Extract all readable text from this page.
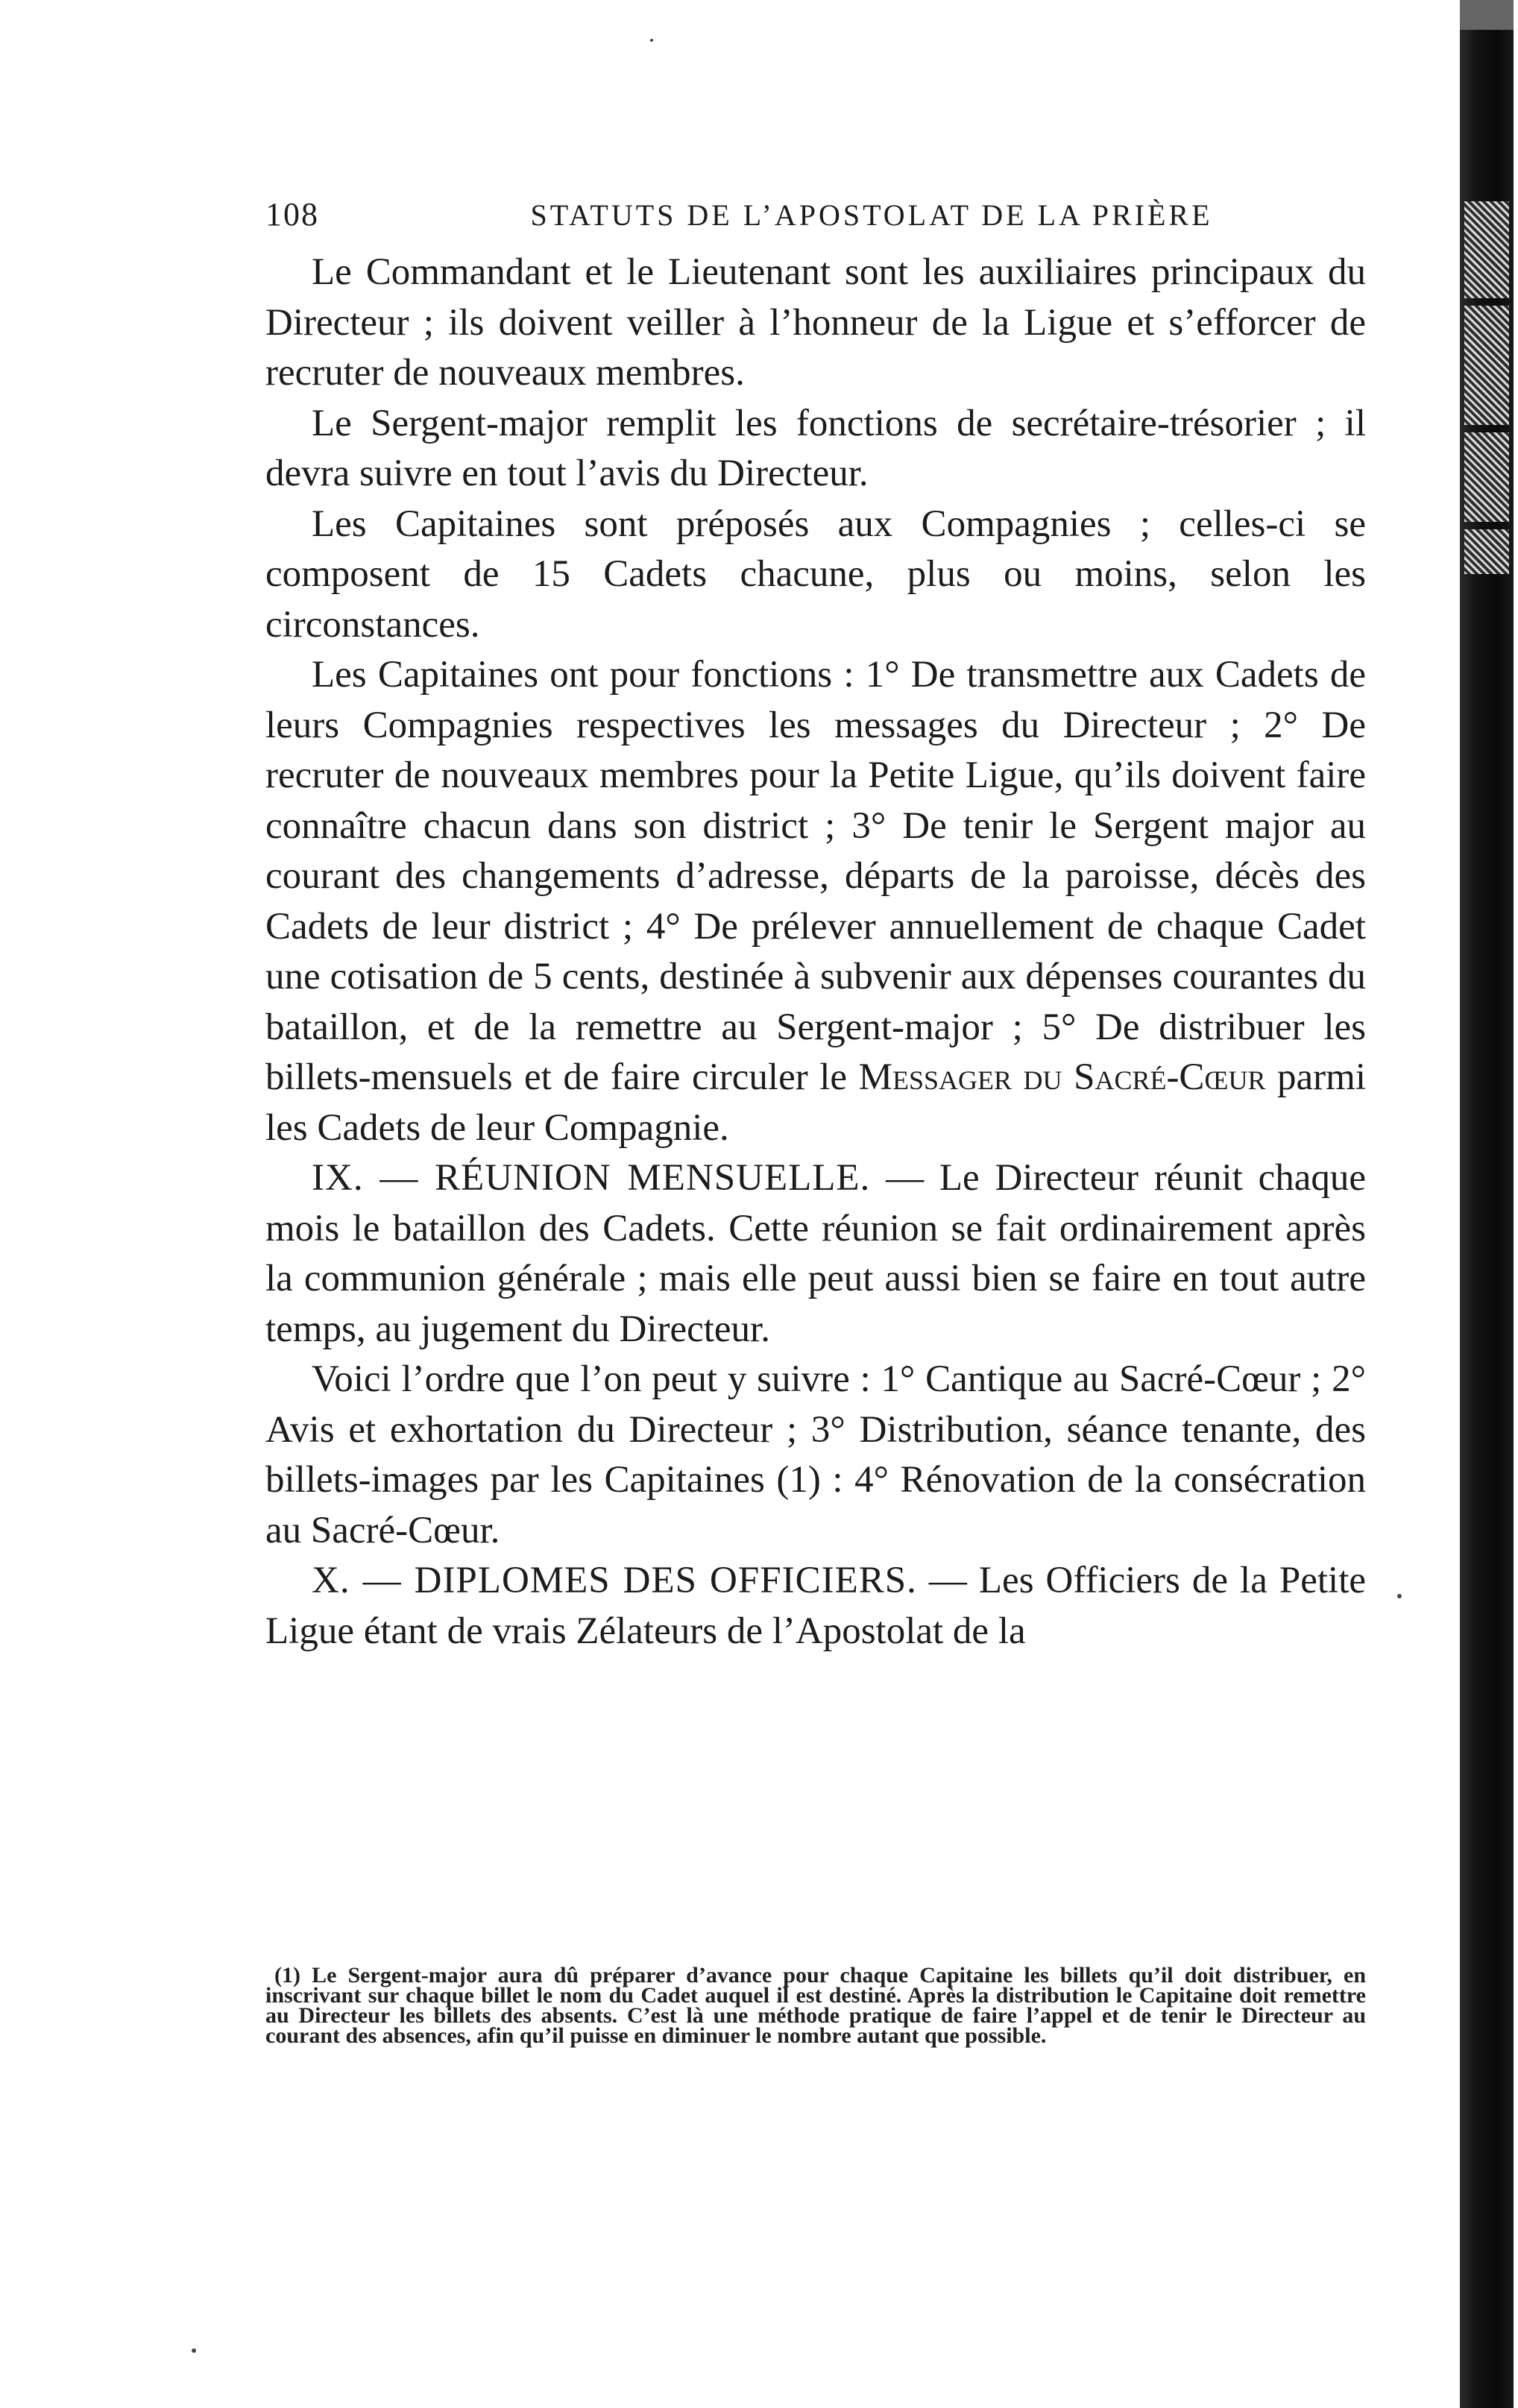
108	STATUTS DE L’APOSTOLAT DE LA PRIÈRE

Le Commandant et le Lieutenant sont les auxiliaires principaux du Directeur ; ils doivent veiller à l’honneur de la Ligue et s’efforcer de recruter de nouveaux membres.

Le Sergent-major remplit les fonctions de secrétaire-trésorier ; il devra suivre en tout l’avis du Directeur.

Les Capitaines sont préposés aux Compagnies ; celles-ci se composent de 15 Cadets chacune, plus ou moins, selon les circonstances.

Les Capitaines ont pour fonctions : 1° De transmettre aux Cadets de leurs Compagnies respectives les messages du Directeur ; 2° De recruter de nouveaux membres pour la Petite Ligue, qu’ils doivent faire connaître chacun dans son district ; 3° De tenir le Sergent major au courant des changements d’adresse, départs de la paroisse, décès des Cadets de leur district ; 4° De prélever annuellement de chaque Cadet une cotisation de 5 cents, destinée à subvenir aux dépenses courantes du bataillon, et de la remettre au Sergent-major ; 5° De distribuer les billets-mensuels et de faire circuler le Messager du Sacré-Cœur parmi les Cadets de leur Compagnie.

IX. — RÉUNION MENSUELLE. — Le Directeur réunit chaque mois le bataillon des Cadets. Cette réunion se fait ordinairement après la communion générale ; mais elle peut aussi bien se faire en tout autre temps, au jugement du Directeur.

Voici l’ordre que l’on peut y suivre : 1° Cantique au Sacré-Cœur ; 2° Avis et exhortation du Directeur ; 3° Distribution, séance tenante, des billets-images par les Capitaines (1) : 4° Rénovation de la consécration au Sacré-Cœur.

X. — DIPLOMES DES OFFICIERS. — Les Officiers de la Petite Ligue étant de vrais Zélateurs de l’Apostolat de la

(1) Le Sergent-major aura dû préparer d’avance pour chaque Capitaine les billets qu’il doit distribuer, en inscrivant sur chaque billet le nom du Cadet auquel il est destiné. Après la distribution le Capitaine doit remettre au Directeur les billets des absents. C’est là une méthode pratique de faire l’appel et de tenir le Directeur au courant des absences, afin qu’il puisse en diminuer le nombre autant que possible.
